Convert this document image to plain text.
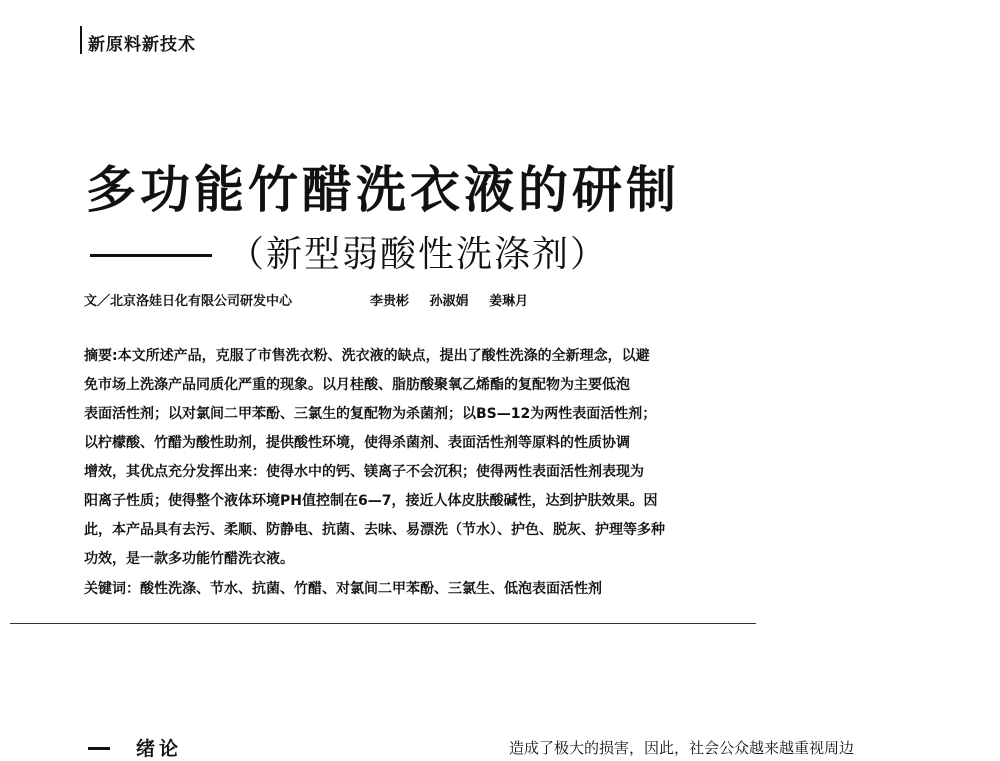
新原料新技术
多功能竹醋洗衣液的研制
（新型弱酸性洗涤剂）
文／北京洛娃日化有限公司研发中心	李贵彬 孙淑娟 姜琳月
摘要:本文所述产品，克服了市售洗衣粉、洗衣液的缺点，提出了酸性洗涤的全新理念，以避
免市场上洗涤产品同质化严重的现象。以月桂酸、脂肪酸聚氧乙烯酯的复配物为主要低泡
表面活性剂；以对氯间二甲苯酚、三氯生的复配物为杀菌剂；以BS—12为两性表面活性剂；
以柠檬酸、竹醋为酸性助剂，提供酸性环境，使得杀菌剂、表面活性剂等原料的性质协调
增效，其优点充分发挥出来：使得水中的钙、镁离子不会沉积；使得两性表面活性剂表现为
阳离子性质；使得整个液体环境PH值控制在6—7，接近人体皮肤酸碱性，达到护肤效果。因
此，本产品具有去污、柔顺、防静电、抗菌、去味、易漂洗（节水）、护色、脱灰、护理等多种
功效，是一款多功能竹醋洗衣液。
关键词：酸性洗涤、节水、抗菌、竹醋、对氯间二甲苯酚、三氯生、低泡表面活性剂
绪论	造成了极大的损害，因此，社会公众越来越重视周边
